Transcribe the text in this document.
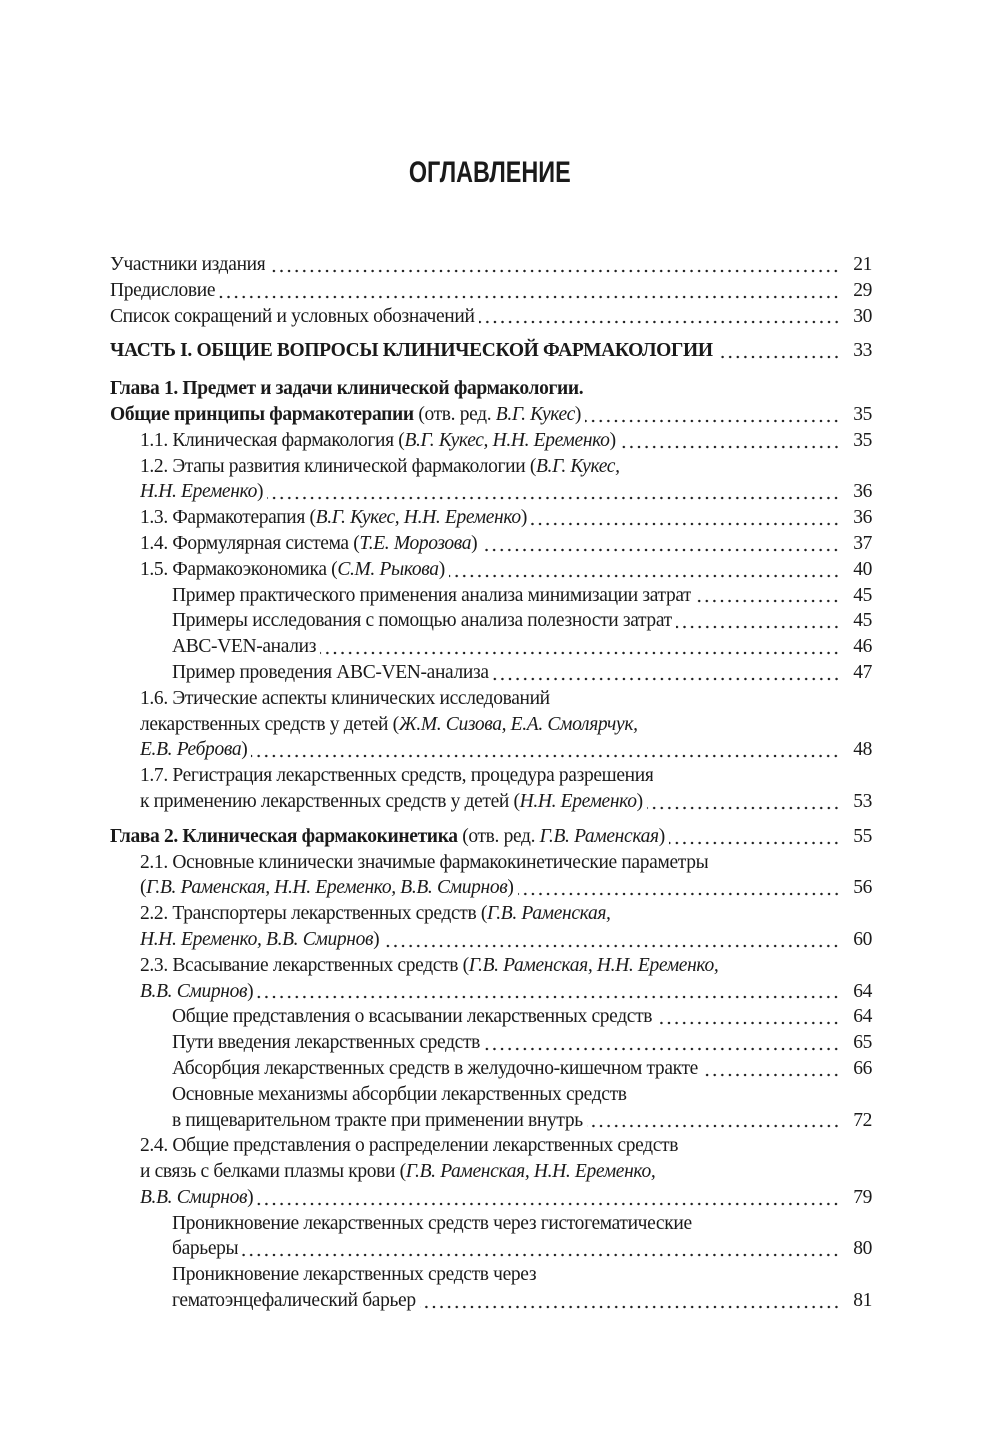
ОГЛАВЛЕНИЕ
Участники издания	21
Предисловие	29
Список сокращений и условных обозначений	30
ЧАСТЬ I. ОБЩИЕ ВОПРОСЫ КЛИНИЧЕСКОЙ ФАРМАКОЛОГИИ	33
Глава 1. Предмет и задачи клинической фармакологии.
Общие принципы фармакотерапии (отв. ред. В.Г. Кукес)	35
1.1. Клиническая фармакология (В.Г. Кукес, Н.Н. Еременко)	35
1.2. Этапы развития клинической фармакологии (В.Г. Кукес,
Н.Н. Еременко)	36
1.3. Фармакотерапия (В.Г. Кукес, Н.Н. Еременко)	36
1.4. Формулярная система (Т.Е. Морозова)	37
1.5. Фармакоэкономика (С.М. Рыкова)	40
Пример практического применения анализа минимизации затрат	45
Примеры исследования с помощью анализа полезности затрат	45
ABC-VEN-анализ	46
Пример проведения ABC-VEN-анализа	47
1.6. Этические аспекты клинических исследований
лекарственных средств у детей (Ж.М. Сизова, Е.А. Смолярчук,
Е.В. Реброва)	48
1.7. Регистрация лекарственных средств, процедура разрешения
к применению лекарственных средств у детей (Н.Н. Еременко)	53
Глава 2. Клиническая фармакокинетика (отв. ред. Г.В. Раменская)	55
2.1. Основные клинически значимые фармакокинетические параметры
(Г.В. Раменская, Н.Н. Еременко, В.В. Смирнов)	56
2.2. Транспортеры лекарственных средств (Г.В. Раменская,
Н.Н. Еременко, В.В. Смирнов)	60
2.3. Всасывание лекарственных средств (Г.В. Раменская, Н.Н. Еременко,
В.В. Смирнов)	64
Общие представления о всасывании лекарственных средств	64
Пути введения лекарственных средств	65
Абсорбция лекарственных средств в желудочно-кишечном тракте	66
Основные механизмы абсорбции лекарственных средств
в пищеварительном тракте при применении внутрь	72
2.4. Общие представления о распределении лекарственных средств
и связь с белками плазмы крови (Г.В. Раменская, Н.Н. Еременко,
В.В. Смирнов)	79
Проникновение лекарственных средств через гистогематические
барьеры	80
Проникновение лекарственных средств через
гематоэнцефалический барьер	81
